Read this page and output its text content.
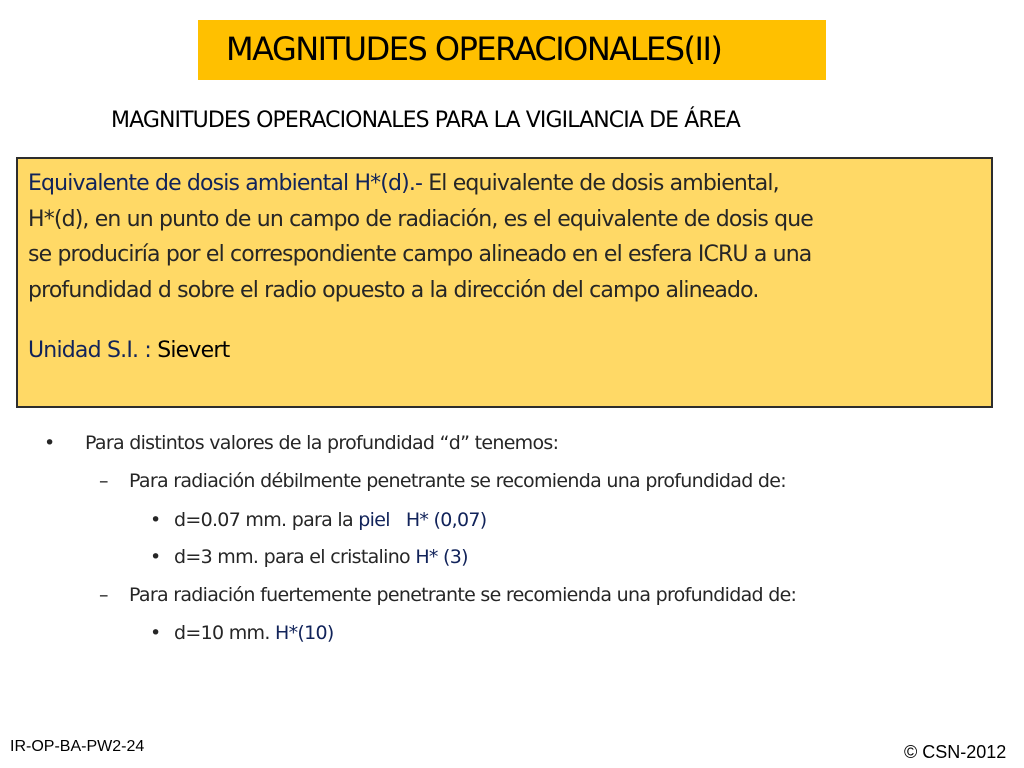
MAGNITUDES OPERACIONALES(II)
MAGNITUDES OPERACIONALES PARA LA VIGILANCIA DE ÁREA
Equivalente de dosis ambiental H*(d).- El equivalente de dosis ambiental,
H*(d), en un punto de un campo de radiación, es el equivalente de dosis que
se produciría por el correspondiente campo alineado en el esfera ICRU a una
profundidad d sobre el radio opuesto a la dirección del campo alineado.
Unidad S.I. : Sievert
• Para distintos valores de la profundidad “d” tenemos:
– Para radiación débilmente penetrante se recomienda una profundidad de:
• d=0.07 mm. para la piel H* (0,07)
• d=3 mm. para el cristalino H* (3)
– Para radiación fuertemente penetrante se recomienda una profundidad de:
• d=10 mm. H*(10)
IR-OP-BA-PW2-24	© CSN-2012
